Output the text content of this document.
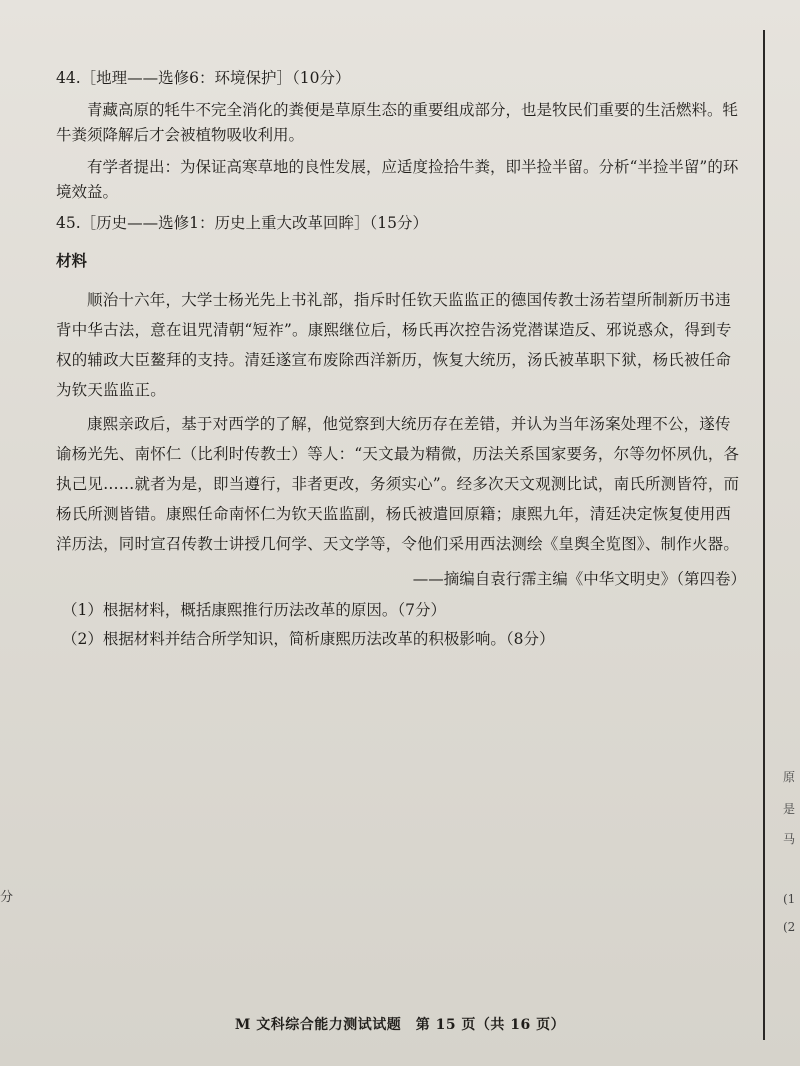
44.［地理——选修6：环境保护］（10分）

青藏高原的牦牛不完全消化的粪便是草原生态的重要组成部分，也是牧民们重要的生活燃料。牦牛粪须降解后才会被植物吸收利用。

有学者提出：为保证高寒草地的良性发展，应适度捡拾牛粪，即半捡半留。分析“半捡半留”的环境效益。

45.［历史——选修1：历史上重大改革回眸］（15分）

材料

顺治十六年，大学士杨光先上书礼部，指斥时任钦天监监正的德国传教士汤若望所制新历书违背中华古法，意在诅咒清朝“短祚”。康熙继位后，杨氏再次控告汤党潜谋造反、邪说惑众，得到专权的辅政大臣鳌拜的支持。清廷遂宣布废除西洋新历，恢复大统历，汤氏被革职下狱，杨氏被任命为钦天监监正。

康熙亲政后，基于对西学的了解，他觉察到大统历存在差错，并认为当年汤案处理不公，遂传谕杨光先、南怀仁（比利时传教士）等人：“天文最为精微，历法关系国家要务，尔等勿怀夙仇，各执己见……就者为是，即当遵行，非者更改，务须实心”。经多次天文观测比试，南氏所测皆符，而杨氏所测皆错。康熙任命南怀仁为钦天监监副，杨氏被遣回原籍；康熙九年，清廷决定恢复使用西洋历法，同时宣召传教士讲授几何学、天文学等，令他们采用西法测绘《皇舆全览图》、制作火器。

——摘编自袁行霈主编《中华文明史》（第四卷）

（1）根据材料，概括康熙推行历法改革的原因。（7分）

（2）根据材料并结合所学知识，简析康熙历法改革的积极影响。（8分）

分
原
是
马
(1
(2
M 文科综合能力测试试题　第 15 页（共 16 页）
